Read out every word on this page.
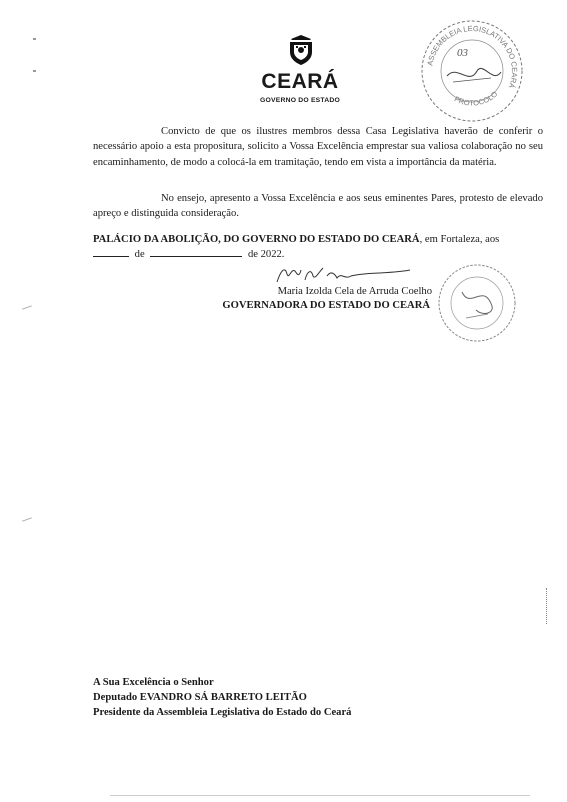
CEARÁ
GOVERNO DO ESTADO
ASSEMBLEIA LEGISLATIVA DO CEARÁ
PROTOCOLO
03
Convicto de que os ilustres membros dessa Casa Legislativa haverão de conferir o necessário apoio a esta propositura, solicito a Vossa Excelência emprestar sua valiosa colaboração no seu encaminhamento, de modo a colocá-la em tramitação, tendo em vista a importância da matéria.
No ensejo, apresento a Vossa Excelência e aos seus eminentes Pares, protesto de elevado apreço e distinguida consideração.
PALÁCIO DA ABOLIÇÃO, DO GOVERNO DO ESTADO DO CEARÁ, em Fortaleza, aos
de	de 2022.
Maria Izolda Cela de Arruda Coelho
GOVERNADORA DO ESTADO DO CEARÁ
A Sua Excelência o Senhor
Deputado EVANDRO SÁ BARRETO LEITÃO
Presidente da Assembleia Legislativa do Estado do Ceará
